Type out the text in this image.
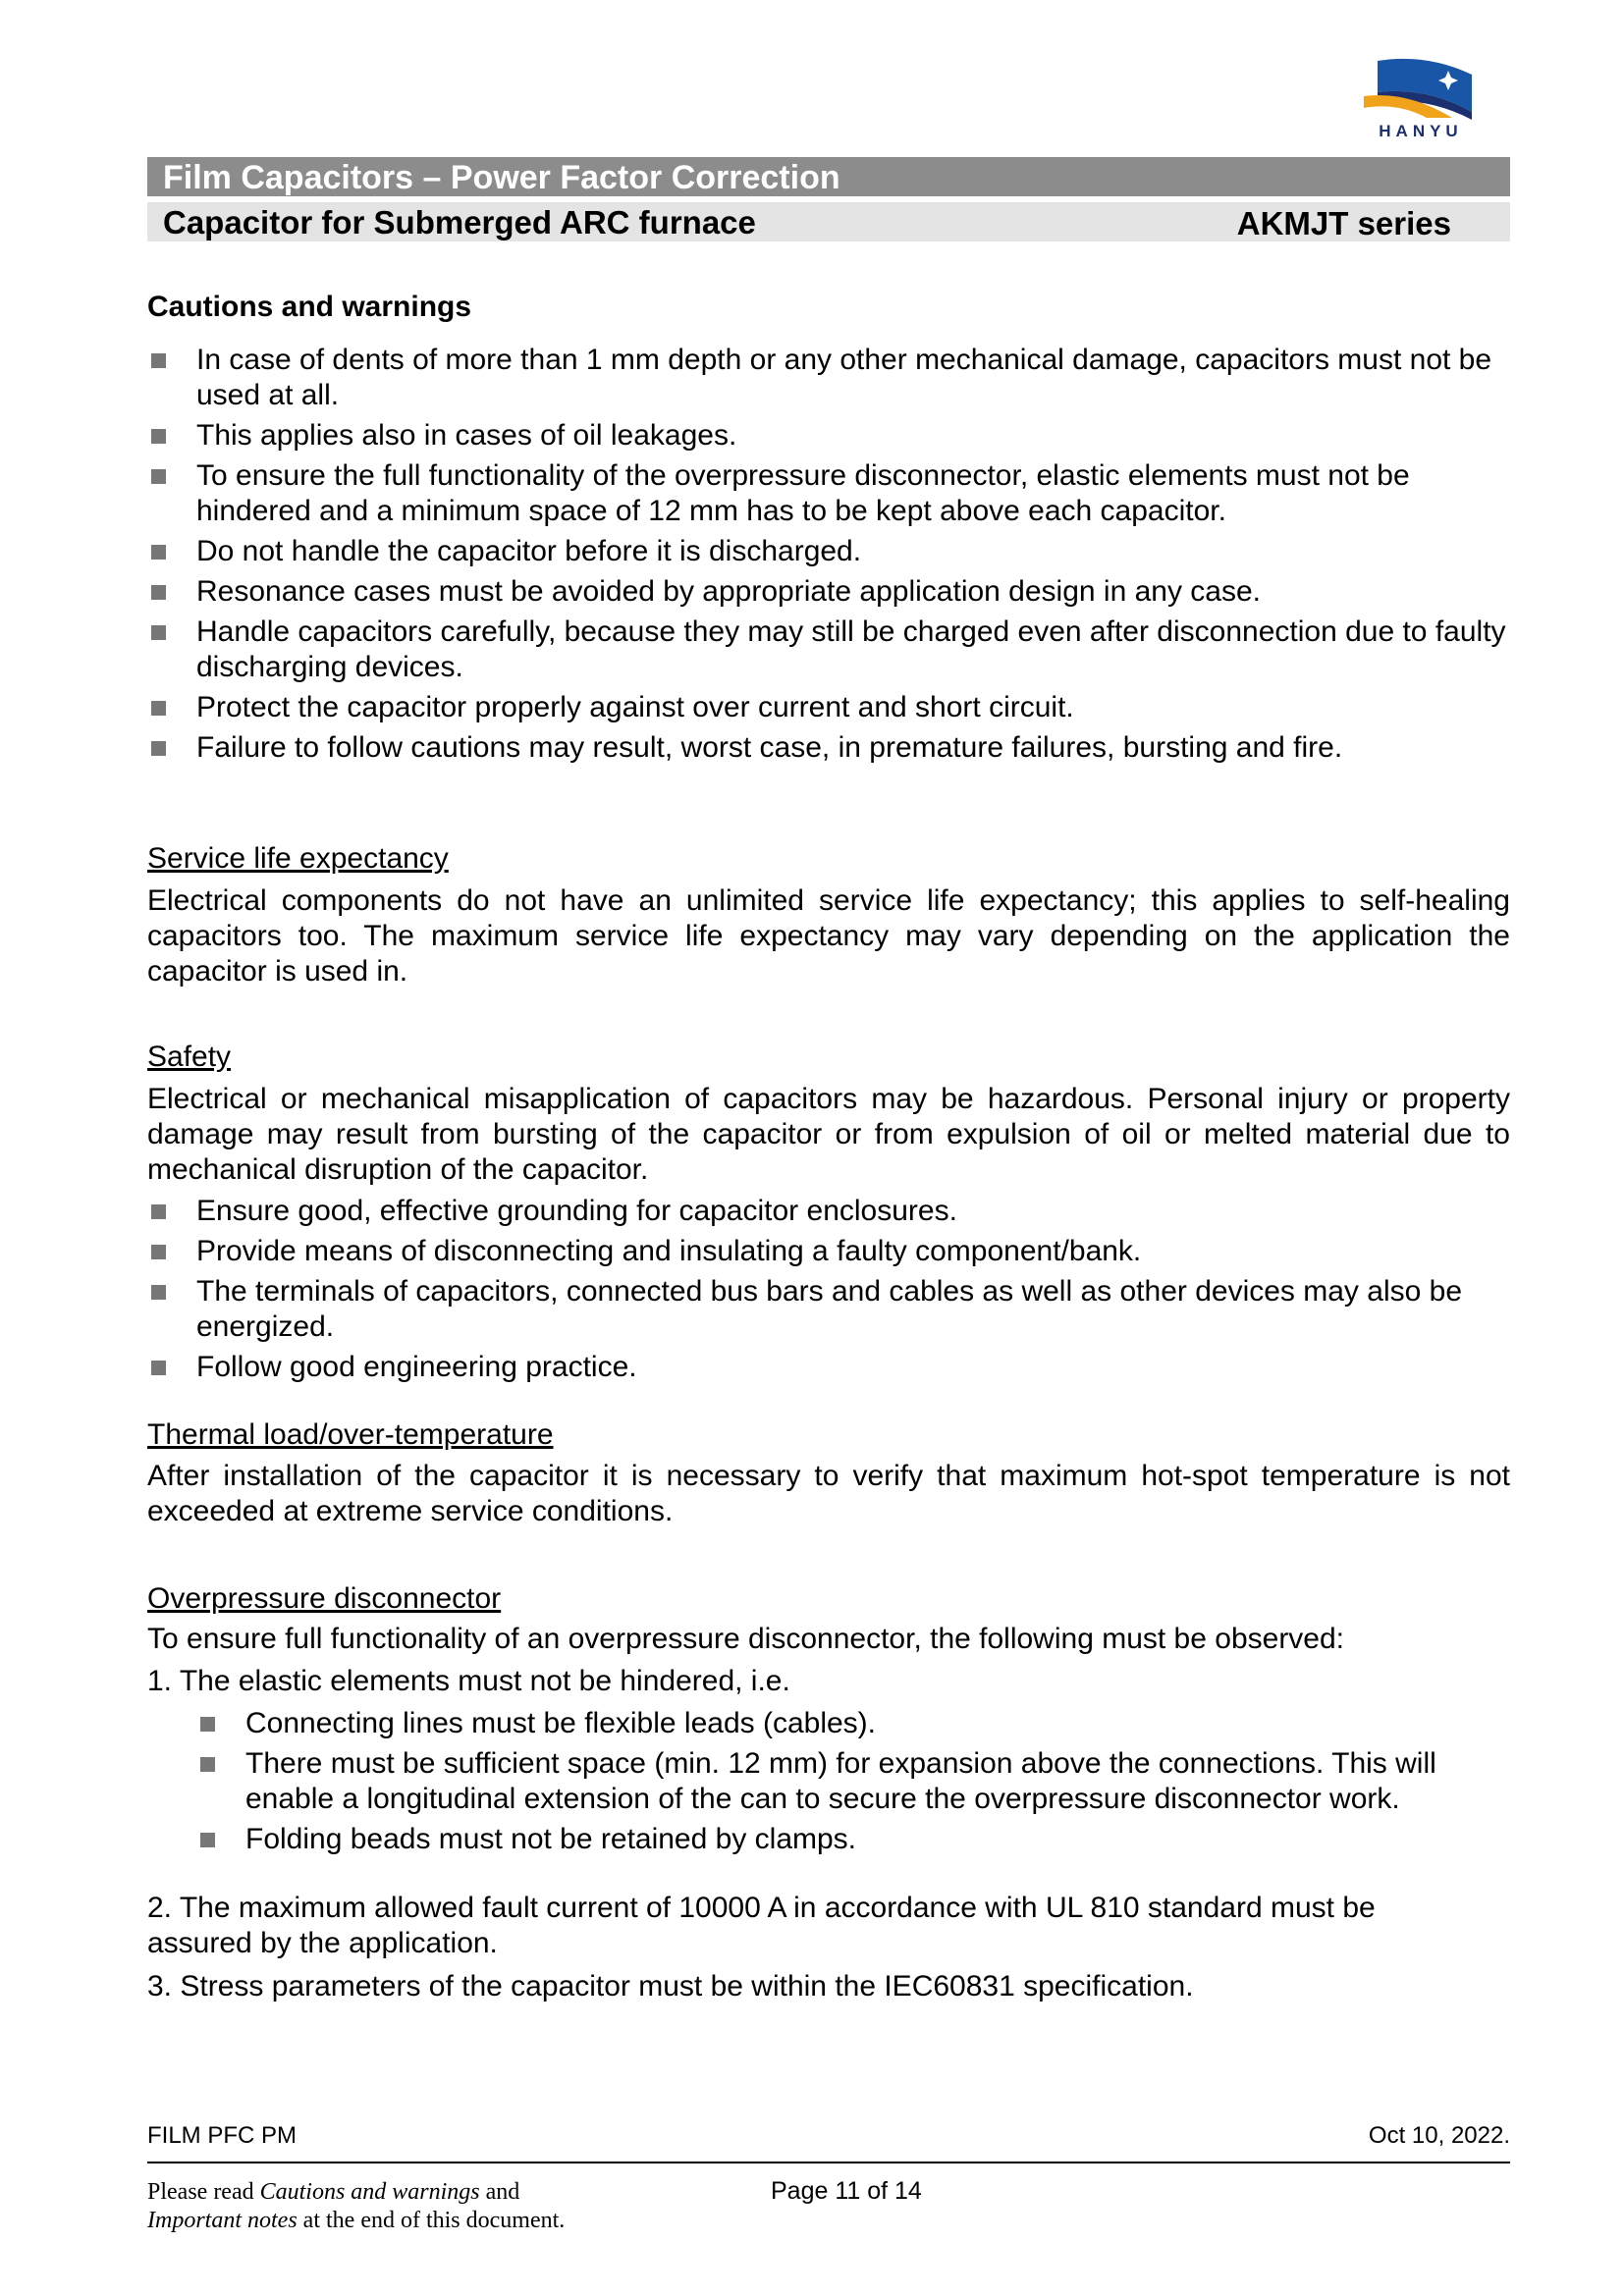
HANYU
Film Capacitors – Power Factor Correction
Capacitor for Submerged ARC furnace	AKMJT series
Cautions and warnings
In case of dents of more than 1 mm depth or any other mechanical damage, capacitors must not be used at all.
This applies also in cases of oil leakages.
To ensure the full functionality of the overpressure disconnector, elastic elements must not be hindered and a minimum space of 12 mm has to be kept above each capacitor.
Do not handle the capacitor before it is discharged.
Resonance cases must be avoided by appropriate application design in any case.
Handle capacitors carefully, because they may still be charged even after disconnection due to faulty discharging devices.
Protect the capacitor properly against over current and short circuit.
Failure to follow cautions may result, worst case, in premature failures, bursting and fire.
Service life expectancy

Electrical components do not have an unlimited service life expectancy; this applies to self-healing capacitors too. The maximum service life expectancy may vary depending on the application the capacitor is used in.

Safety

Electrical or mechanical misapplication of capacitors may be hazardous. Personal injury or property damage may result from bursting of the capacitor or from expulsion of oil or melted material due to mechanical disruption of the capacitor.

Ensure good, effective grounding for capacitor enclosures.
Provide means of disconnecting and insulating a faulty component/bank.
The terminals of capacitors, connected bus bars and cables as well as other devices may also be energized.
Follow good engineering practice.
Thermal load/over-temperature

After installation of the capacitor it is necessary to verify that maximum hot-spot temperature is not exceeded at extreme service conditions.

Overpressure disconnector
To ensure full functionality of an overpressure disconnector, the following must be observed:
1. The elastic elements must not be hindered, i.e.
Connecting lines must be flexible leads (cables).
There must be sufficient space (min. 12 mm) for expansion above the connections. This will enable a longitudinal extension of the can to secure the overpressure disconnector work.
Folding beads must not be retained by clamps.

2. The maximum allowed fault current of 10000 A in accordance with UL 810 standard must be assured by the application.

3. Stress parameters of the capacitor must be within the IEC60831 specification.
FILM PFC PM	Oct 10, 2022.
Please read Cautions and warnings and
Important notes at the end of this document.
Page 11 of 14
